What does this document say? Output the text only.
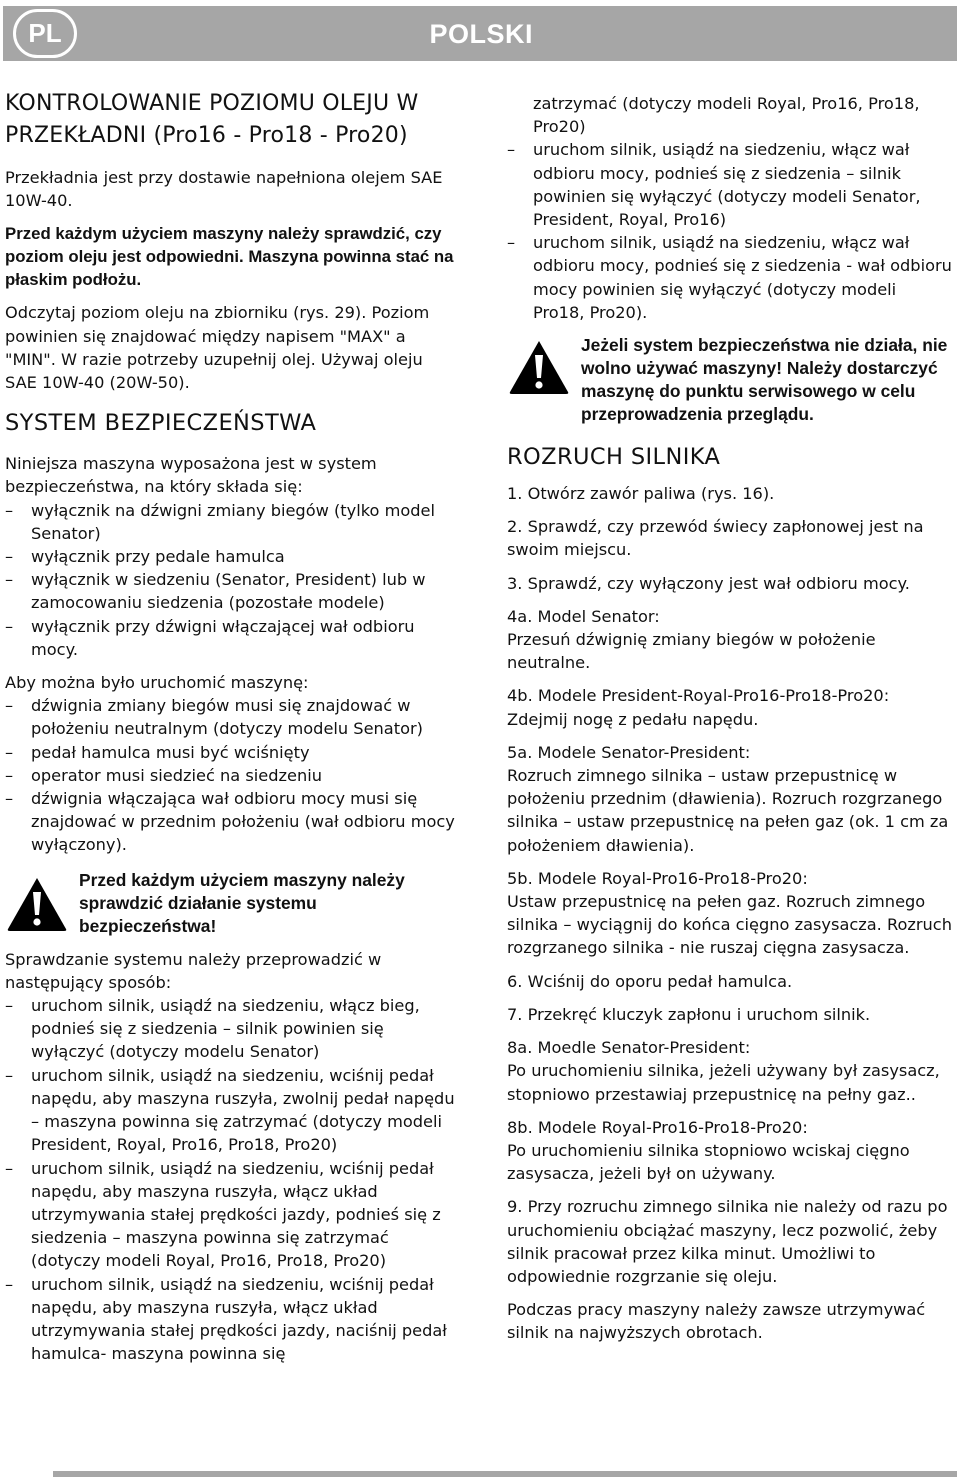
PL	POLSKI
KONTROLOWANIE POZIOMU OLEJU W PRZEKŁADNI (Pro16 - Pro18 - Pro20)

Przekładnia jest przy dostawie napełniona olejem SAE 10W-40.

Przed każdym użyciem maszyny należy sprawdzić, czy poziom oleju jest odpowiedni. Maszyna powinna stać na płaskim podłożu.

Odczytaj poziom oleju na zbiorniku (rys. 29). Poziom powinien się znajdować między napisem "MAX" a "MIN". W razie potrzeby uzupełnij olej. Używaj oleju SAE 10W-40 (20W-50).

SYSTEM BEZPIECZEŃSTWA

Niniejsza maszyna wyposażona jest w system bezpieczeństwa, na który składa się:

– wyłącznik na dźwigni zmiany biegów (tylko model Senator)
– wyłącznik przy pedale hamulca
– wyłącznik w siedzeniu (Senator, President) lub w zamocowaniu siedzenia (pozostałe modele)
– wyłącznik przy dźwigni włączającej wał odbioru mocy.

Aby można było uruchomić maszynę:

– dźwignia zmiany biegów musi się znajdować w położeniu neutralnym (dotyczy modelu Senator)
– pedał hamulca musi być wciśnięty
– operator musi siedzieć na siedzeniu
– dźwignia włączająca wał odbioru mocy musi się znajdować w przednim położeniu (wał odbioru mocy wyłączony).

Przed każdym użyciem maszyny należy sprawdzić działanie systemu bezpieczeństwa!

Sprawdzanie systemu należy przeprowadzić w następujący sposób:

– uruchom silnik, usiądź na siedzeniu, włącz bieg, podnieś się z siedzenia – silnik powinien się wyłączyć (dotyczy modelu Senator)
– uruchom silnik, usiądź na siedzeniu, wciśnij pedał napędu, aby maszyna ruszyła, zwolnij pedał napędu – maszyna powinna się zatrzymać (dotyczy modeli President, Royal, Pro16, Pro18, Pro20)
– uruchom silnik, usiądź na siedzeniu, wciśnij pedał napędu, aby maszyna ruszyła, włącz układ utrzymywania stałej prędkości jazdy, podnieś się z siedzenia – maszyna powinna się zatrzymać (dotyczy modeli Royal, Pro16, Pro18, Pro20)
– uruchom silnik, usiądź na siedzeniu, wciśnij pedał napędu, aby maszyna ruszyła, włącz układ utrzymywania stałej prędkości jazdy, naciśnij pedał hamulca- maszyna powinna się

zatrzymać (dotyczy modeli Royal, Pro16, Pro18, Pro20)

– uruchom silnik, usiądź na siedzeniu, włącz wał odbioru mocy, podnieś się z siedzenia – silnik powinien się wyłączyć (dotyczy modeli Senator, President, Royal, Pro16)
– uruchom silnik, usiądź na siedzeniu, włącz wał odbioru mocy, podnieś się z siedzenia - wał odbioru mocy powinien się wyłączyć (dotyczy modeli Pro18, Pro20).

Jeżeli system bezpieczeństwa nie działa, nie wolno używać maszyny! Należy dostarczyć maszynę do punktu serwisowego w celu przeprowadzenia przeglądu.

ROZRUCH SILNIKA

1. Otwórz zawór paliwa (rys. 16).

2. Sprawdź, czy przewód świecy zapłonowej jest na swoim miejscu.

3. Sprawdź, czy wyłączony jest wał odbioru mocy.

4a. Model Senator:
Przesuń dźwignię zmiany biegów w położenie neutralne.

4b. Modele President-Royal-Pro16-Pro18-Pro20:
Zdejmij nogę z pedału napędu.

5a. Modele Senator-President:
Rozruch zimnego silnika – ustaw przepustnicę w położeniu przednim (dławienia). Rozruch rozgrzanego silnika – ustaw przepustnicę na pełen gaz (ok. 1 cm za położeniem dławienia).

5b. Modele Royal-Pro16-Pro18-Pro20:
Ustaw przepustnicę na pełen gaz. Rozruch zimnego silnika – wyciągnij do końca cięgno zasysacza. Rozruch rozgrzanego silnika - nie ruszaj cięgna zasysacza.

6. Wciśnij do oporu pedał hamulca.

7. Przekręć kluczyk zapłonu i uruchom silnik.

8a. Moedle Senator-President:
Po uruchomieniu silnika, jeżeli używany był zasysacz, stopniowo przestawiaj przepustnicę na pełny gaz..

8b. Modele Royal-Pro16-Pro18-Pro20:
Po uruchomieniu silnika stopniowo wciskaj cięgno zasysacza, jeżeli był on używany.

9. Przy rozruchu zimnego silnika nie należy od razu po uruchomieniu obciążać maszyny, lecz pozwolić, żeby silnik pracował przez kilka minut. Umożliwi to odpowiednie rozgrzanie się oleju.

Podczas pracy maszyny należy zawsze utrzymywać silnik na najwyższych obrotach.
